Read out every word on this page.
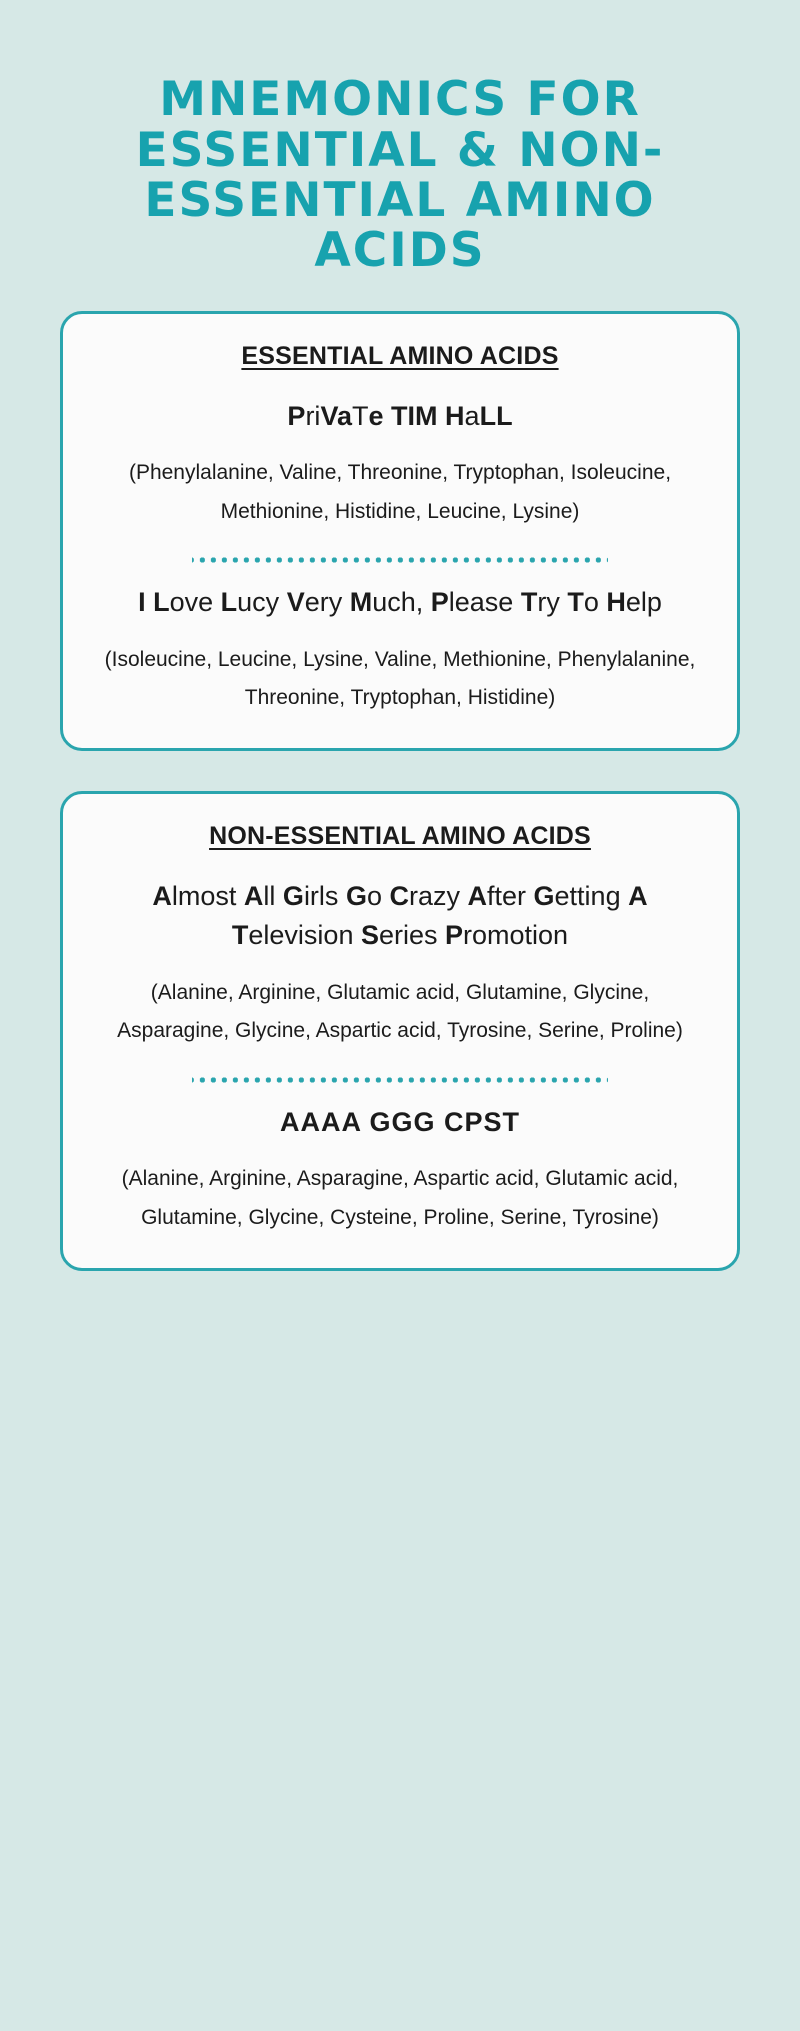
MNEMONICS FOR ESSENTIAL & NON-ESSENTIAL AMINO ACIDS
ESSENTIAL AMINO ACIDS
PriVaTe TIM HaLL
(Phenylalanine, Valine, Threonine, Tryptophan, Isoleucine, Methionine, Histidine, Leucine, Lysine)
I Love Lucy Very Much, Please Try To Help
(Isoleucine, Leucine, Lysine, Valine, Methionine, Phenylalanine, Threonine, Tryptophan, Histidine)
NON-ESSENTIAL AMINO ACIDS
Almost All Girls Go Crazy After Getting A Television Series Promotion
(Alanine, Arginine, Glutamic acid, Glutamine, Glycine, Asparagine, Glycine, Aspartic acid, Tyrosine, Serine, Proline)
AAAA GGG CPST
(Alanine, Arginine, Asparagine, Aspartic acid, Glutamic acid, Glutamine, Glycine, Cysteine, Proline, Serine, Tyrosine)
